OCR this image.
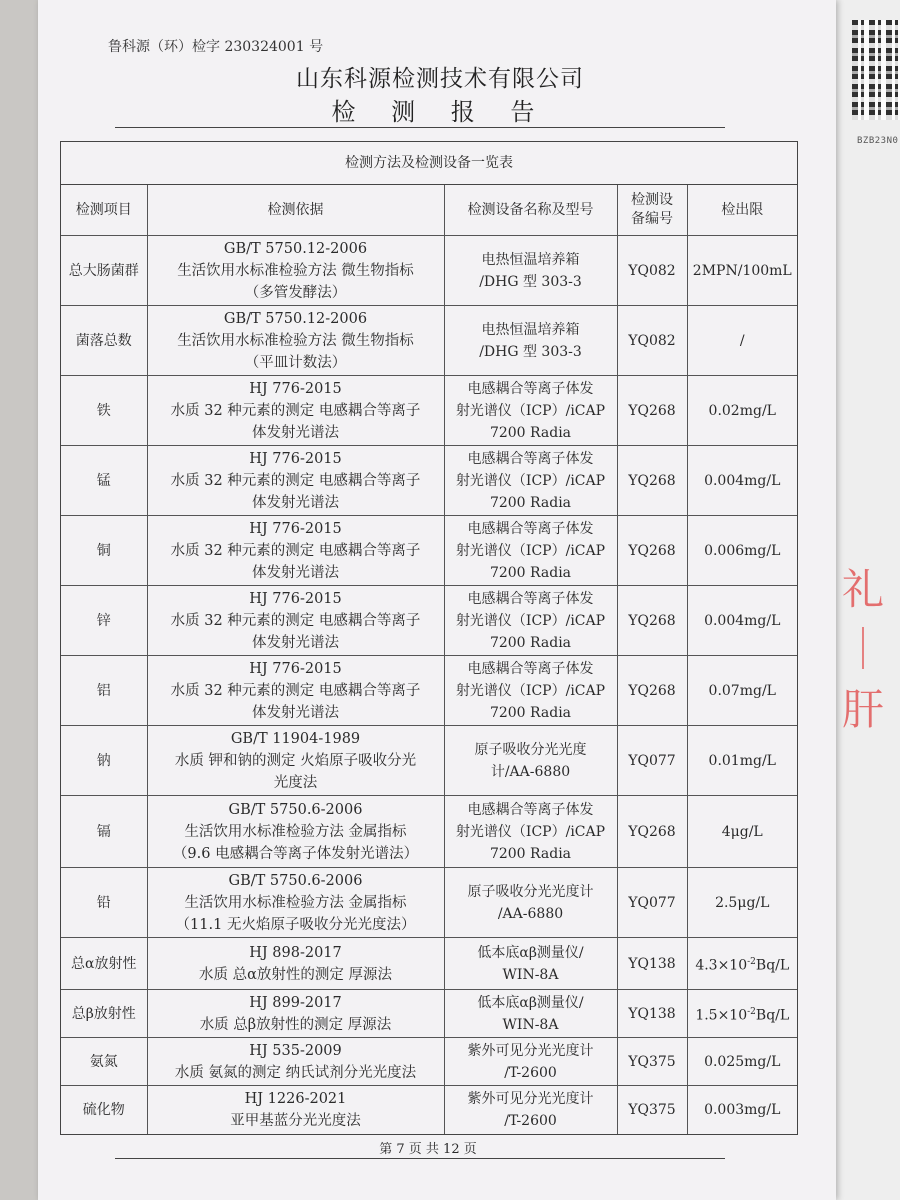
BZB23N0
礼
｜
肝
鲁科源（环）检字 230324001 号
山东科源检测技术有限公司
检 测 报 告
检测方法及检测设备一览表
检测项目	检测依据	检测设备名称及型号	检测设
备编号	检出限
总大肠菌群	GB/T 5750.12-2006
生活饮用水标准检验方法 微生物指标
（多管发酵法）	电热恒温培养箱
/DHG 型 303-3	YQ082	2MPN/100mL
菌落总数	GB/T 5750.12-2006
生活饮用水标准检验方法 微生物指标
（平皿计数法）	电热恒温培养箱
/DHG 型 303-3	YQ082	/
铁	HJ 776-2015
水质 32 种元素的测定 电感耦合等离子
体发射光谱法	电感耦合等离子体发
射光谱仪（ICP）/iCAP
7200 Radia	YQ268	0.02mg/L
锰	HJ 776-2015
水质 32 种元素的测定 电感耦合等离子
体发射光谱法	电感耦合等离子体发
射光谱仪（ICP）/iCAP
7200 Radia	YQ268	0.004mg/L
铜	HJ 776-2015
水质 32 种元素的测定 电感耦合等离子
体发射光谱法	电感耦合等离子体发
射光谱仪（ICP）/iCAP
7200 Radia	YQ268	0.006mg/L
锌	HJ 776-2015
水质 32 种元素的测定 电感耦合等离子
体发射光谱法	电感耦合等离子体发
射光谱仪（ICP）/iCAP
7200 Radia	YQ268	0.004mg/L
铝	HJ 776-2015
水质 32 种元素的测定 电感耦合等离子
体发射光谱法	电感耦合等离子体发
射光谱仪（ICP）/iCAP
7200 Radia	YQ268	0.07mg/L
钠	GB/T 11904-1989
水质 钾和钠的测定 火焰原子吸收分光
光度法	原子吸收分光光度
计/AA-6880	YQ077	0.01mg/L
镉	GB/T 5750.6-2006
生活饮用水标准检验方法 金属指标
（9.6 电感耦合等离子体发射光谱法）	电感耦合等离子体发
射光谱仪（ICP）/iCAP
7200 Radia	YQ268	4μg/L
铅	GB/T 5750.6-2006
生活饮用水标准检验方法 金属指标
（11.1 无火焰原子吸收分光光度法）	原子吸收分光光度计
/AA-6880	YQ077	2.5μg/L
总α放射性	HJ 898-2017
水质 总α放射性的测定 厚源法	低本底αβ测量仪/
WIN-8A	YQ138	$4.3\times 10^{-2}Bq/L$
总β放射性	HJ 899-2017
水质 总β放射性的测定 厚源法	低本底αβ测量仪/
WIN-8A	YQ138	$1.5\times 10^{-2}Bq/L$
氨氮	HJ 535-2009
水质 氨氮的测定 纳氏试剂分光光度法	紫外可见分光光度计
/T-2600	YQ375	0.025mg/L
硫化物	HJ 1226-2021
亚甲基蓝分光光度法	紫外可见分光光度计
/T-2600	YQ375	0.003mg/L
第 7 页 共 12 页
